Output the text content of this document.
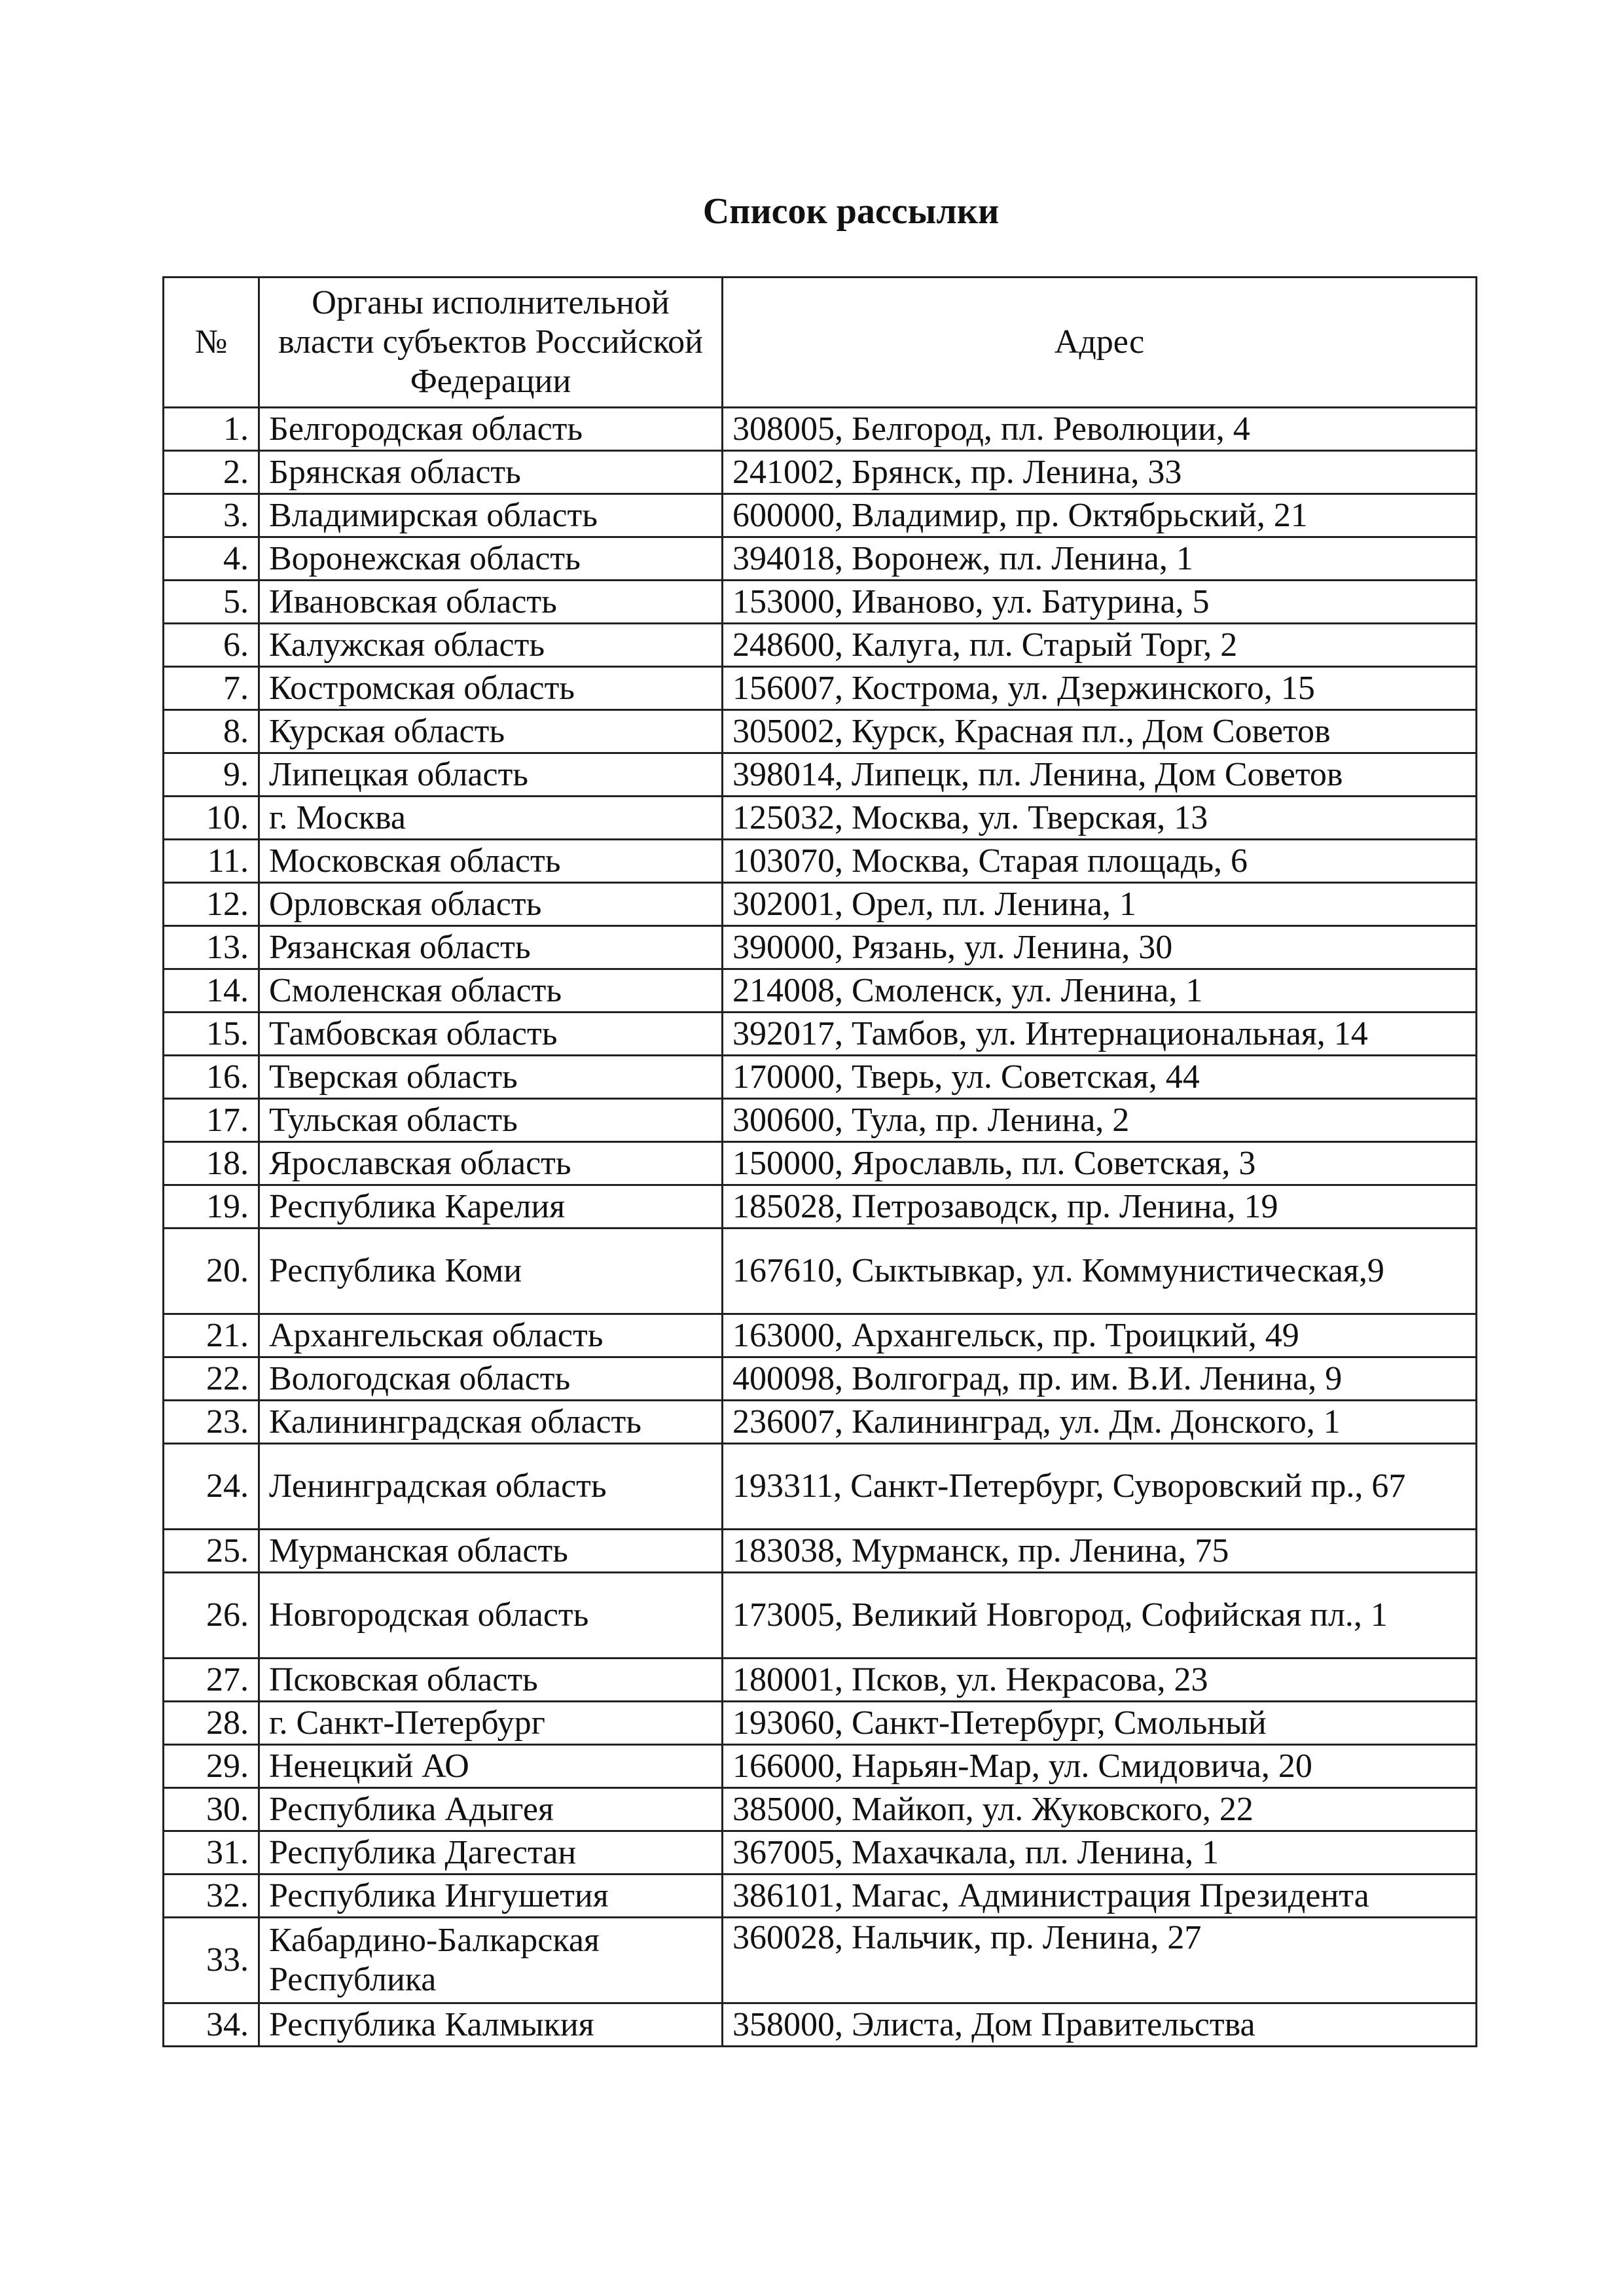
Список рассылки
№	Органы исполнительной власти субъектов Российской Федерации	Адрес
1.	Белгородская область	308005, Белгород, пл. Революции, 4
2.	Брянская область	241002, Брянск, пр. Ленина, 33
3.	Владимирская область	600000, Владимир, пр. Октябрьский, 21
4.	Воронежская область	394018, Воронеж, пл. Ленина, 1
5.	Ивановская область	153000, Иваново, ул. Батурина, 5
6.	Калужская область	248600, Калуга, пл. Старый Торг, 2
7.	Костромская область	156007, Кострома, ул. Дзержинского, 15
8.	Курская область	305002, Курск, Красная пл., Дом Советов
9.	Липецкая область	398014, Липецк, пл. Ленина, Дом Советов
10.	г. Москва	125032, Москва, ул. Тверская, 13
11.	Московская область	103070, Москва, Старая площадь, 6
12.	Орловская область	302001, Орел, пл. Ленина, 1
13.	Рязанская область	390000, Рязань, ул. Ленина, 30
14.	Смоленская область	214008, Смоленск, ул. Ленина, 1
15.	Тамбовская область	392017, Тамбов, ул. Интернациональная, 14
16.	Тверская область	170000, Тверь, ул. Советская, 44
17.	Тульская область	300600, Тула, пр. Ленина, 2
18.	Ярославская область	150000, Ярославль, пл. Советская, 3
19.	Республика Карелия	185028, Петрозаводск, пр. Ленина, 19
20.	Республика Коми	167610, Сыктывкар, ул. Коммунистическая,9
21.	Архангельская область	163000, Архангельск, пр. Троицкий, 49
22.	Вологодская область	400098, Волгоград, пр. им. В.И. Ленина, 9
23.	Калининградская область	236007, Калининград, ул. Дм. Донского, 1
24.	Ленинградская область	193311, Санкт-Петербург, Суворовский пр., 67
25.	Мурманская область	183038, Мурманск, пр. Ленина, 75
26.	Новгородская область	173005, Великий Новгород, Софийская пл., 1
27.	Псковская область	180001, Псков, ул. Некрасова, 23
28.	г. Санкт-Петербург	193060, Санкт-Петербург, Смольный
29.	Ненецкий АО	166000, Нарьян-Мар, ул. Смидовича, 20
30.	Республика Адыгея	385000, Майкоп, ул. Жуковского, 22
31.	Республика Дагестан	367005, Махачкала, пл. Ленина, 1
32.	Республика Ингушетия	386101, Магас, Администрация Президента
33.	Кабардино-Балкарская Республика	360028, Нальчик, пр. Ленина, 27
34.	Республика Калмыкия	358000, Элиста, Дом Правительства
